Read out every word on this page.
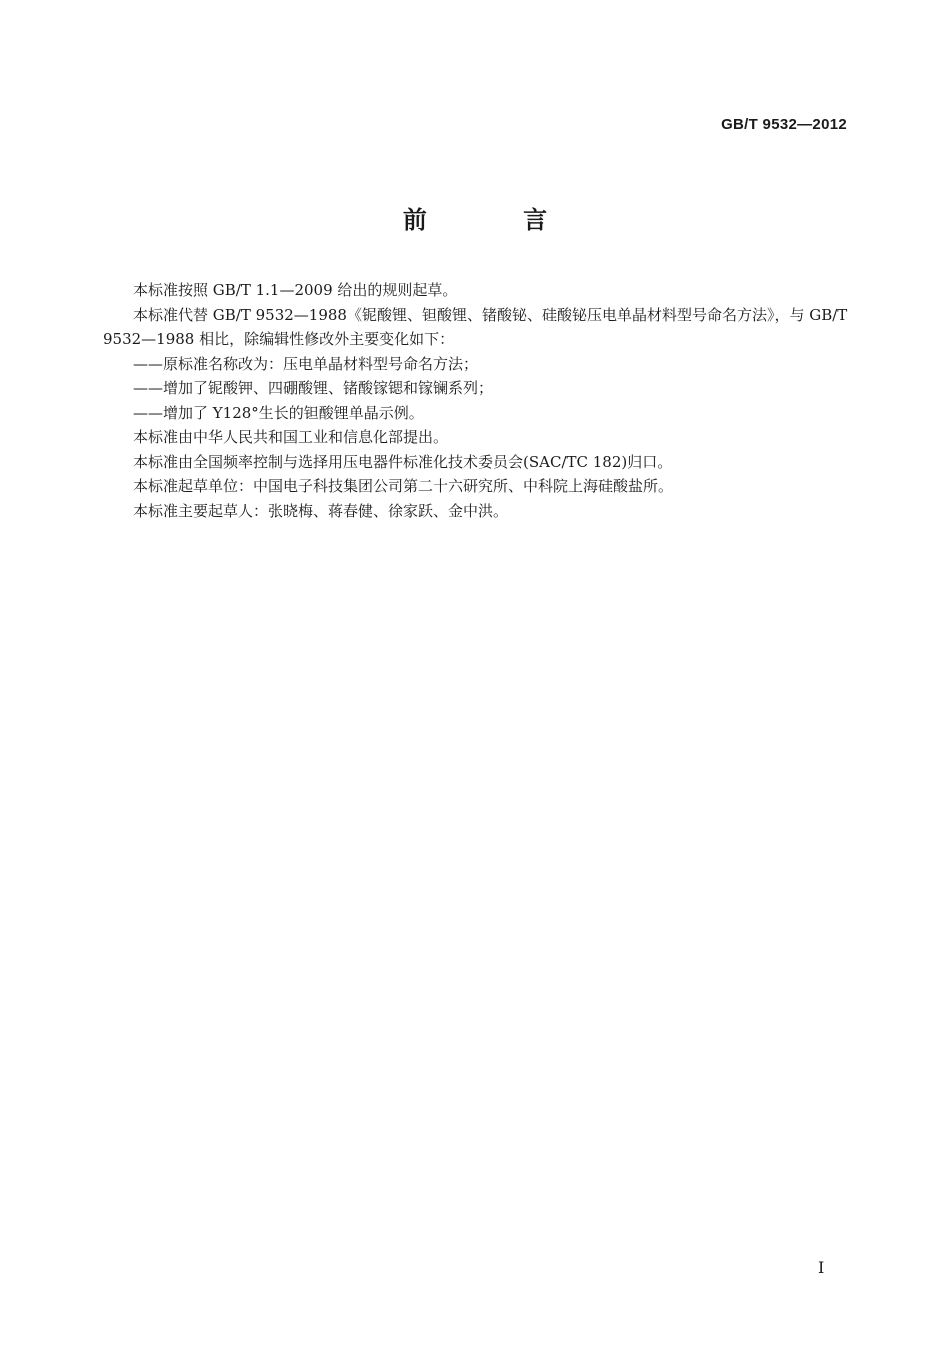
GB/T 9532—2012
前 言

本标准按照 GB/T 1.1—2009 给出的规则起草。

本标准代替 GB/T 9532—1988《铌酸锂、钽酸锂、锗酸铋、硅酸铋压电单晶材料型号命名方法》，与 GB/T 9532—1988 相比，除编辑性修改外主要变化如下：

——原标准名称改为：压电单晶材料型号命名方法；

——增加了铌酸钾、四硼酸锂、锗酸镓锶和镓镧系列；

——增加了 Y128°生长的钽酸锂单晶示例。

本标准由中华人民共和国工业和信息化部提出。

本标准由全国频率控制与选择用压电器件标准化技术委员会(SAC/TC 182)归口。

本标准起草单位：中国电子科技集团公司第二十六研究所、中科院上海硅酸盐所。

本标准主要起草人：张晓梅、蒋春健、徐家跃、金中洪。

I
